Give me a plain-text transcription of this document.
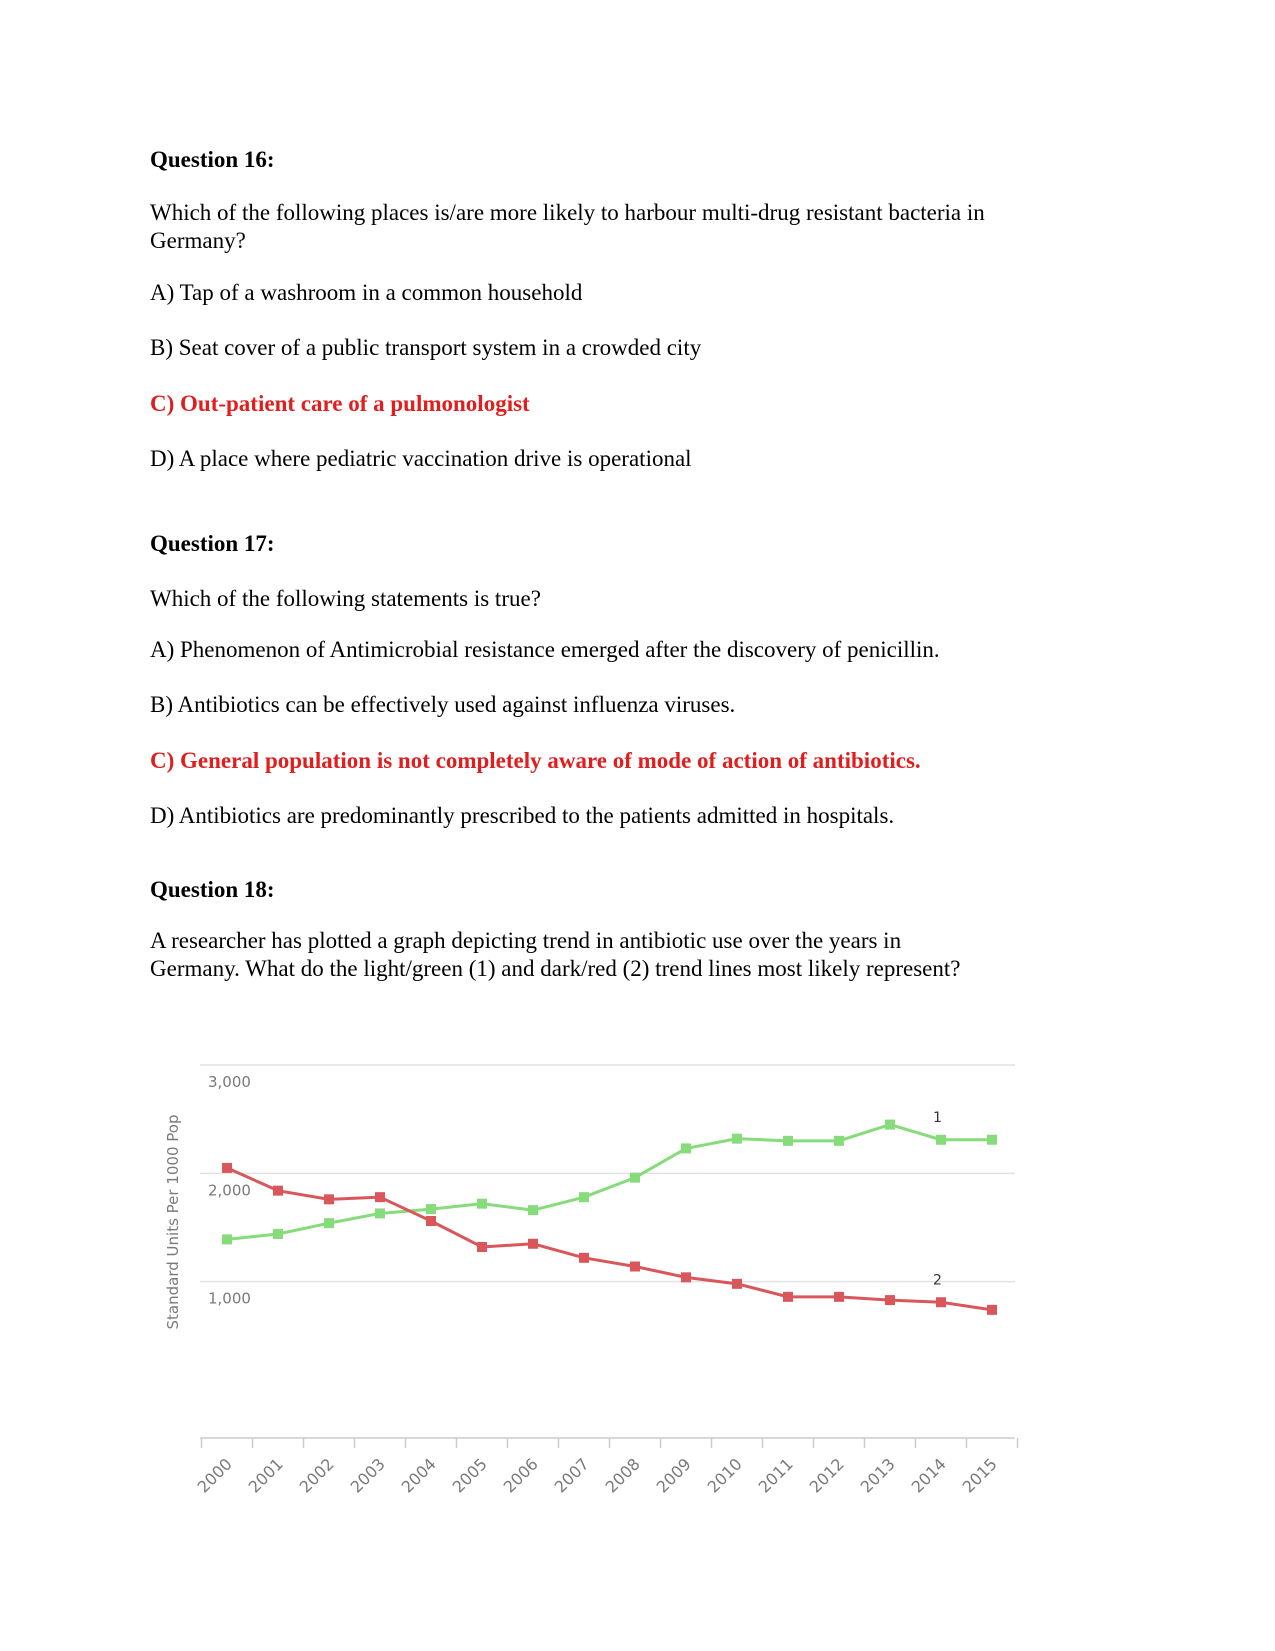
Question 16:
Which of the following places is/are more likely to harbour multi-drug resistant bacteria in
Germany?
A) Tap of a washroom in a common household
B) Seat cover of a public transport system in a crowded city
C) Out-patient care of a pulmonologist
D) A place where pediatric vaccination drive is operational
Question 17:
Which of the following statements is true?
A) Phenomenon of Antimicrobial resistance emerged after the discovery of penicillin.
B) Antibiotics can be effectively used against influenza viruses.
C) General population is not completely aware of mode of action of antibiotics.
D) Antibiotics are predominantly prescribed to the patients admitted in hospitals.
Question 18:
A researcher has plotted a graph depicting trend in antibiotic use over the years in
Germany. What do the light/green (1) and dark/red (2) trend lines most likely represent?
Standard Units Per 1000 Pop 1,000
2,000
3,000
2000 2001 2002 2003 2004 2005 2006 2007 2008 2009 2010 2011 2012 2013 2014 2015
1
2
